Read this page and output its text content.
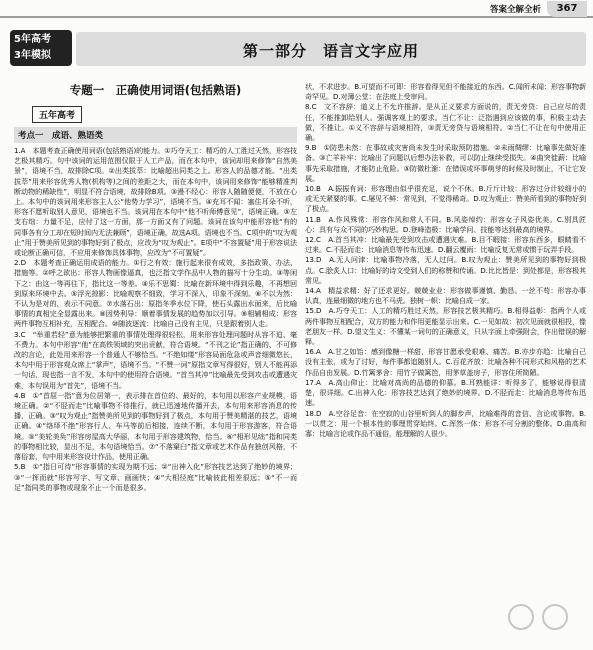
答案全解全析	367
5年高考
3年模拟	第一部分　语言文字应用
专题一　正确使用词语(包括熟语)
五年高考
考点一　成语、熟语类

1.A　本题考查正确使用词语(包括熟语)的能力。①巧夺天工：精巧的人工胜过天然，形容技艺极其精巧。句中该词的运用范围仅限于人工产品，而在本句中，该词却用来修饰“自然美景”，语境不当，故排除C项。②出类拔萃：比喻超出同类之上。形容人的品德才能。“出类拔萃”用来形容优秀人物(机构等)之间的差距之大，而在本句中，该词用来修饰“能够精准判断动物的稀缺性”，明显不符合语境，故排除B项。③漫不经心：形容人随随便便，不放在心上。本句中的该词用来形容主人公“他势力学习”，语境不当。④充耳不闻：塞住耳朵不听，形容不愿听取别人意见，语境也不当。该词用在本句中“他不听师傅意见”，语境正确。⑤左支右绌：力量不足，应付了这一方面，那一方面又有了问题。该词在该句中能形容他“有的同事各有分工却在短时间内无法兼顾”，语境正确，故选A项。语境也不当。C项中的“叹为观止”用于赞美所见到的事物好到了极点，应改为“叹为观止”。E项中“不容置疑”用于形容说法或论断正确可信，不应用来修饰具体事物，应改为“不可置疑”。

2.D　本题考查正确运用成语的能力。①行之有效：施行起来很有成效，多指政策、办法、措施等。②呼之欲出：形容人物画像逼真，也泛指文学作品中人物的描写十分生动。③等闲下之：由这一等再往下，指比这一等差。④乐不思蜀：比喻在新环境中得到乐趣，不再想回到原来环境中去。⑤浮光掠影：比喻观察不细致，学习不深入，印象不深刻。⑥不以为然：不认为是对的，表示不同意。⑦水落石出：原指冬季水位下降，使石头露出水面来，后比喻事情的真相完全显露出来。⑧因势利导：顺着事情发展的趋势加以引导。⑨相辅相成：形容两件事物互相补充，互相配合。⑩随波逐流：比喻自己没有主见，只是跟着别人走。

3.C　“举重若轻”意为能够把繁重的事情处理得很轻松，用来形容处理问题时从容不迫、毫不费力。本句中形容“他”在高铁领域的突出贡献，符合语境。“不刊之论”指正确的、不可修改的言论，此处用来形容一个普通人不够恰当。“不绝如缕”形容局面危急或声音细微悠长，本句中用于形容观众席上“掌声”，语境不当。“不赞一词”原指文章写得很好，别人不能再添一句话，现也指一言不发，本句中的使用符合语境。“首当其冲”比喻最先受到攻击或遭遇灾难，本句误用为“首先”，语境不当。

4.B　①“首屈一指”意为位居第一，表示排在首位的、最好的，本句用以形容产业规模，语境正确。②“不胫而走”比喻事物不待推行，就已迅速地传播开去，本句用来形容消息的传播，正确。③“叹为观止”指赞美所见到的事物好到了极点，本句用于赞美精湛的技艺，语境正确。④“络绎不绝”形容行人、车马等前后相接，连续不断，本句用于形容游客，符合语境。⑤“美轮美奂”形容房屋高大华丽，本句用于形容建筑物，恰当。⑥“相形见绌”指和同类的事物相比较，显出不足，本句语境恰当。⑦“不落窠臼”指文章或艺术作品有独创风格，不落俗套，句中用来形容设计作品，使用正确。

5.B　①“指日可待”形容事情的实现为期不远；②“出神入化”形容技艺达到了绝妙的境界；③“一挥而就”形容写字、写文章、画画快；④“大相径庭”比喻彼此相差很远；⑤“不一而足”指同类的事物或现象不止一个而是很多。

状，不求进步。B.可望而不可即：形容看得见但不能接近的东西。C.闻所未闻：形容事物新奇罕见。D.对簿公堂：在法庭上受审问。
8.C　文不容辞：道义上不允许推辞。是从正义要求方面说的，责无旁贷：自己应尽的责任，不能推卸给别人。强调客观上的要求。当仁不让：泛指遇到应该做的事，积极主动去做，不推让。①义不容辞与语境相符，③责无旁贷与语境相符。②当仁不让在句中使用正确。
9.B　①防患未然：在事故或灾害尚未发生时采取预防措施。②未雨绸缪：比喻事先做好准备。③亡羊补牢：比喻出了问题以后想办法补救，可以防止继续受损失。④曲突徙薪：比喻事先采取措施，才能防止危险。⑤防微杜渐：在错误或坏事萌芽的时候及时制止，不让它发展。
10.B　A.振振有词：形容理由似乎很充足，说个不休。B.斤斤计较：形容过分计较细小的或无关紧要的事。C.屡见不鲜：常见到，不觉得稀奇。D.叹为观止：赞美所看到的事物好到了极点。
11.B　A.作风殊常：形容作风和常人不同。B.风姿绰约：形容女子风姿优美。C.别具匠心：具有与众不同的巧妙构思。D.登峰造极：比喻学问、技能等达到最高的境界。
12.C　A.首当其冲：比喻最先受到攻击或遭遇灾难。B.目不暇接：形容东西多，眼睛看不过来。C.不胫而走：比喻消息等传布迅速。D.翻云覆雨：比喻反复无常或惯于玩弄手段。
13.D　A.无人问津：比喻事物冷落，无人过问。B.叹为观止：赞美所见到的事物好到极点。C.脍炙人口：比喻好的诗文受到人们的称赞和传诵。D.比比皆是：到处都是，形容极其常见。
14.A　精益求精：好了还求更好。兢兢业业：形容做事谨慎、勤恳。一丝不苟：形容办事认真，连最细微的地方也不马虎。独树一帜：比喻自成一家。
15.D　A.巧夺天工：人工的精巧胜过天然，形容技艺极其精巧。B.相得益彰：指两个人或两件事物互相配合，双方的能力和作用更能显示出来。C.一见如故：初次见面就很相投，像老朋友一样。D.望文生义：不懂某一词句的正确意义，只从字面上牵强附会，作出错误的解释。
16.A　A.甘之如饴：感到像糖一样甜，形容甘愿承受艰难、痛苦。B.亦步亦趋：比喻自己没有主张，或为了讨好，每件事都追随别人。C.百花齐放：比喻各种不同形式和风格的艺术作品自由发展。D.竹篱茅舍：用竹子做篱笆，用茅草盖房子，形容住所简陋。
17.A　A.高山仰止：比喻对高尚的品德的仰慕。B.耳熟能详：听得多了，能够说得很清楚，很详细。C.出神入化：形容技艺达到了绝妙的境界。D.不胫而走：比喻消息等传布迅速。
18.D　A.空谷足音：在空寂的山谷里听到人的脚步声，比喻难得的音信、言论或事物。B.一以贯之：用一个根本性的事理贯穿始终。C.浑然一体：形容不可分割的整体。D.曲高和寡：比喻言论或作品不通俗，能理解的人很少。
